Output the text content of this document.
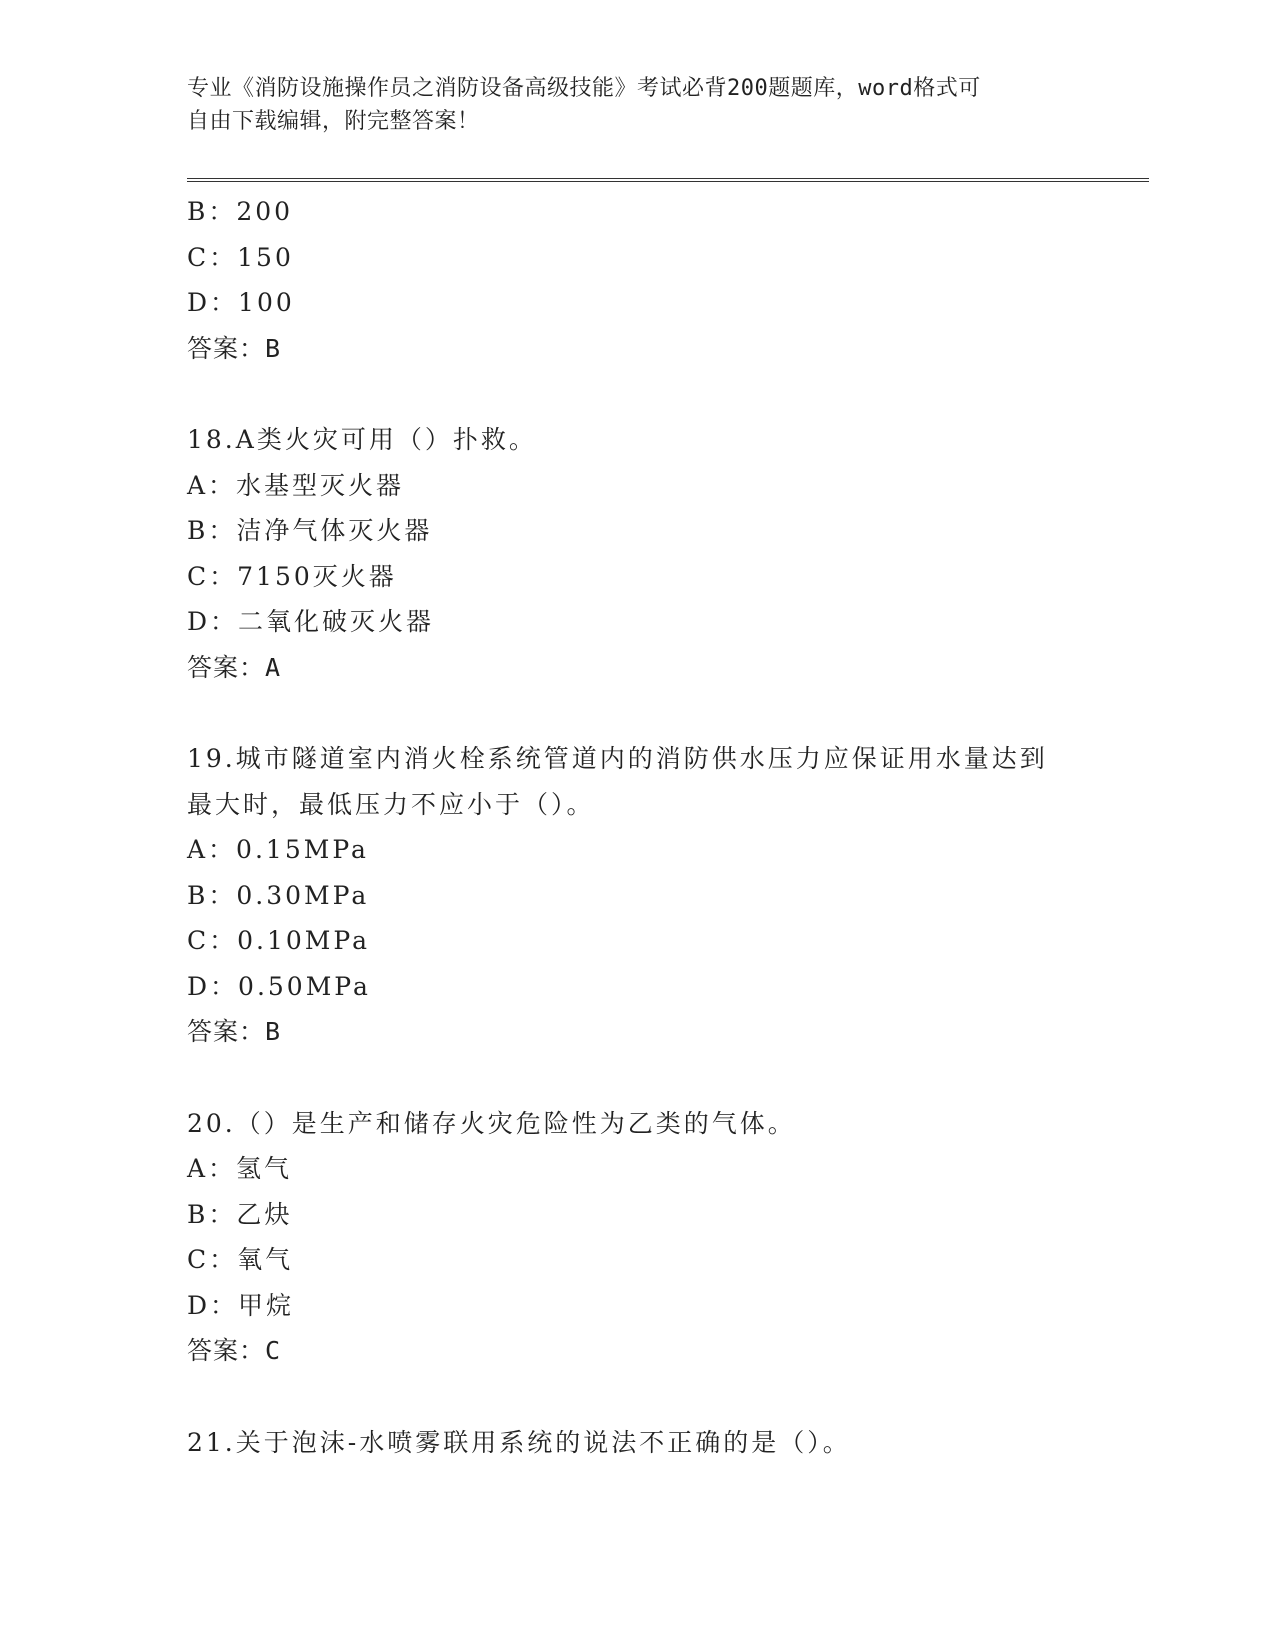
专业《消防设施操作员之消防设备高级技能》考试必背200题题库，word格式可
自由下载编辑，附完整答案！
B：200
C：150
D：100
答案：B
18.A类火灾可用（）扑救。
A：水基型灭火器
B：洁净气体灭火器
C：7150灭火器
D：二氧化破灭火器
答案：A
19.城市隧道室内消火栓系统管道内的消防供水压力应保证用水量达到
最大时，最低压力不应小于（）。
A：0.15MPa
B：0.30MPa
C：0.10MPa
D：0.50MPa
答案：B
20.（）是生产和储存火灾危险性为乙类的气体。
A：氢气
B：乙炔
C：氧气
D：甲烷
答案：C
21.关于泡沫-水喷雾联用系统的说法不正确的是（）。
